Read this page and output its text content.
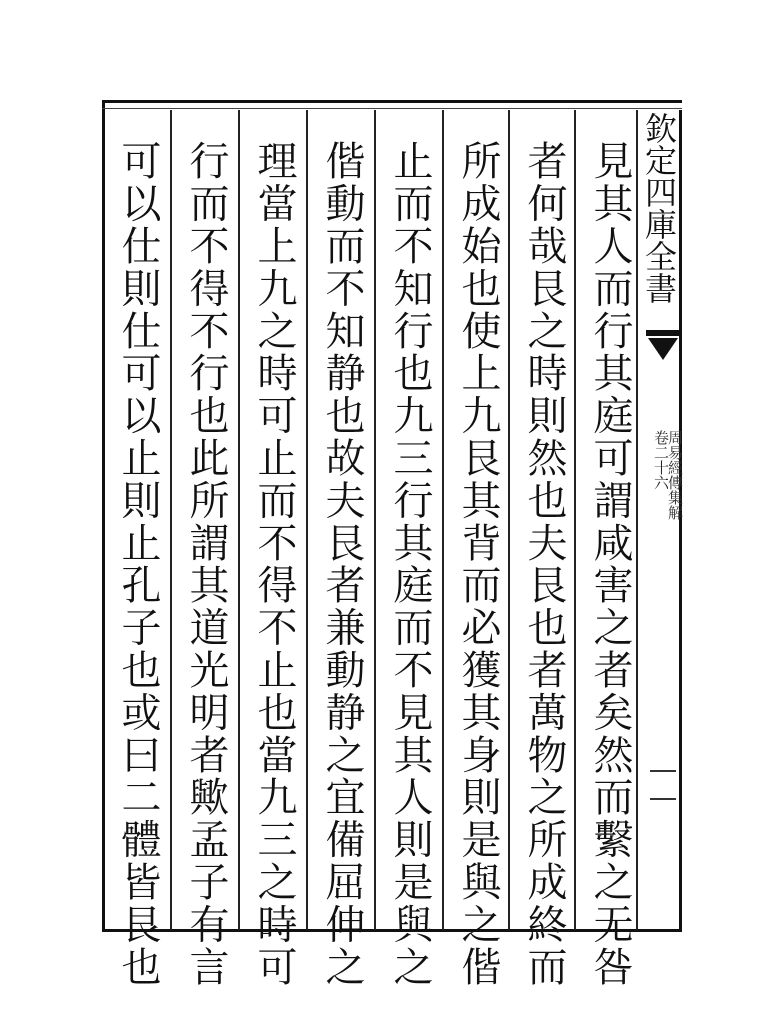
欽定四庫全書
周易經傳集解
卷二十六
見其人而行其庭可謂咸害之者矣然而繫之无咎
者何哉艮之時則然也夫艮也者萬物之所成終而
所成始也使上九艮其背而必獲其身則是與之偕
止而不知行也九三行其庭而不見其人則是與之
偕動而不知静也故夫艮者兼動静之宜備屈伸之
理當上九之時可止而不得不止也當九三之時可
行而不得不行也此所謂其道光明者歟孟子有言
可以仕則仕可以止則止孔子也或曰二體皆艮也
